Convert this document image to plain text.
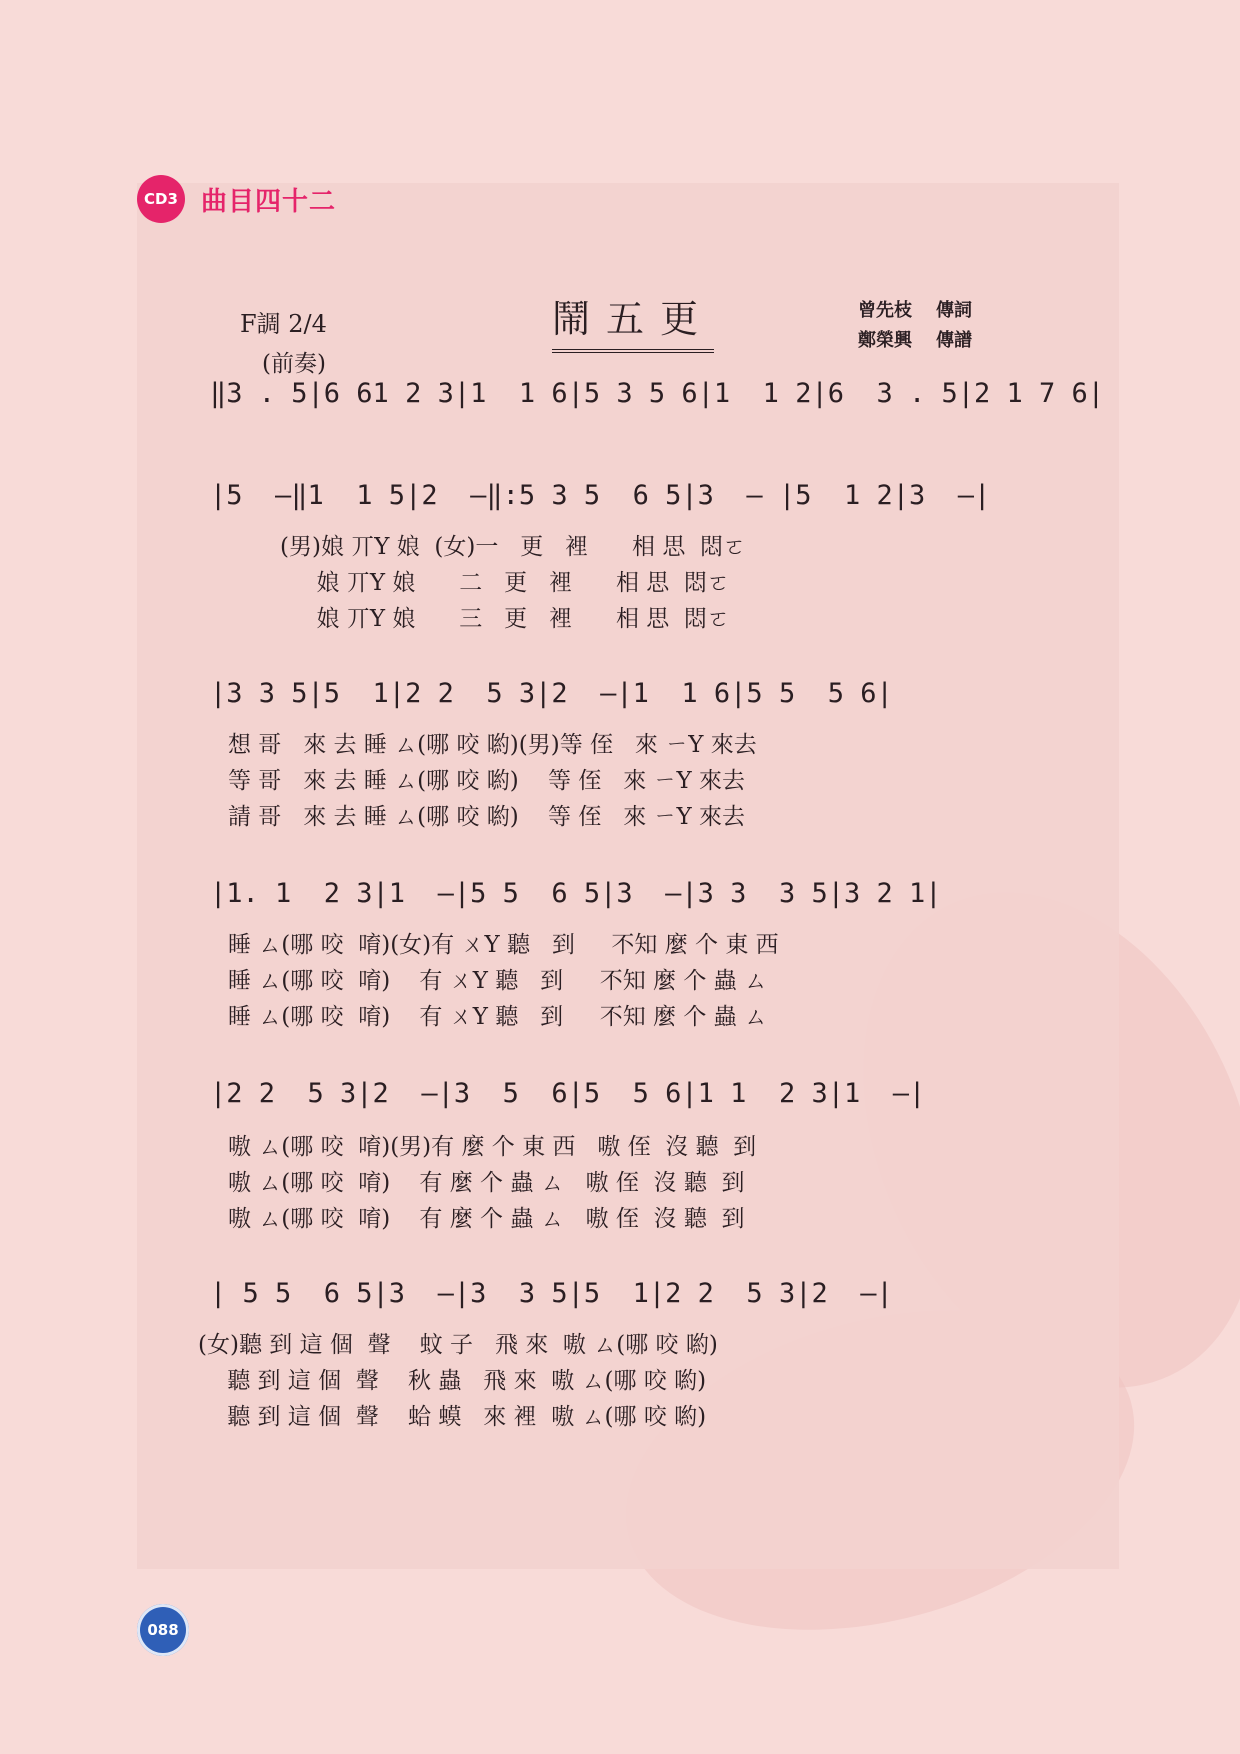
CD3 曲目四十二
F調 2/4	鬧五更	曾先枝 傳詞
鄭榮興 傳譜
(前奏)
‖3 . 5|6 61 2 3|1  1 6|5 3 5 6|1  1 2|6  3 . 5|2 1 7 6|
|5  —‖1  1 5|2  —‖:5 3 5  6 5|3  — |5  1 2|3  —|
(男)娘 丌Y 娘  (女)一   更   裡      相 思  悶ㄛ
娘 丌Y 娘      二   更   裡      相 思  悶ㄛ
娘 丌Y 娘      三   更   裡      相 思  悶ㄛ
|3 3 5|5  1|2 2  5 3|2  —|1  1 6|5 5  5 6|
想 哥   來 去 睡 ㄙ(哪 咬 喲)(男)等 侄   來 ㄧY 來去
等 哥   來 去 睡 ㄙ(哪 咬 喲)    等 侄   來 ㄧY 來去
請 哥   來 去 睡 ㄙ(哪 咬 喲)    等 侄   來 ㄧY 來去
|1. 1  2 3|1  —|5 5  6 5|3  —|3 3  3 5|3 2 1|
睡 ㄙ(哪 咬  唷)(女)有 ㄨY 聽   到     不知 麼 个 東 西
睡 ㄙ(哪 咬  唷)    有 ㄨY 聽   到     不知 麼 个 蟲 ㄙ
睡 ㄙ(哪 咬  唷)    有 ㄨY 聽   到     不知 麼 个 蟲 ㄙ
|2 2  5 3|2  —|3  5  6|5  5 6|1 1  2 3|1  —|
嗷 ㄙ(哪 咬  唷)(男)有 麼 个 東 西   嗷 侄  沒 聽  到
嗷 ㄙ(哪 咬  唷)    有 麼 个 蟲 ㄙ   嗷 侄  沒 聽  到
嗷 ㄙ(哪 咬  唷)    有 麼 个 蟲 ㄙ   嗷 侄  沒 聽  到
| 5 5  6 5|3  —|3  3 5|5  1|2 2  5 3|2  —|
(女)聽 到 這 個  聲    蚊 子   飛 來  嗷 ㄙ(哪 咬 喲)
聽 到 這 個  聲    秋 蟲   飛 來  嗷 ㄙ(哪 咬 喲)
聽 到 這 個  聲    蛤 蟆   來 裡  嗷 ㄙ(哪 咬 喲)
088
